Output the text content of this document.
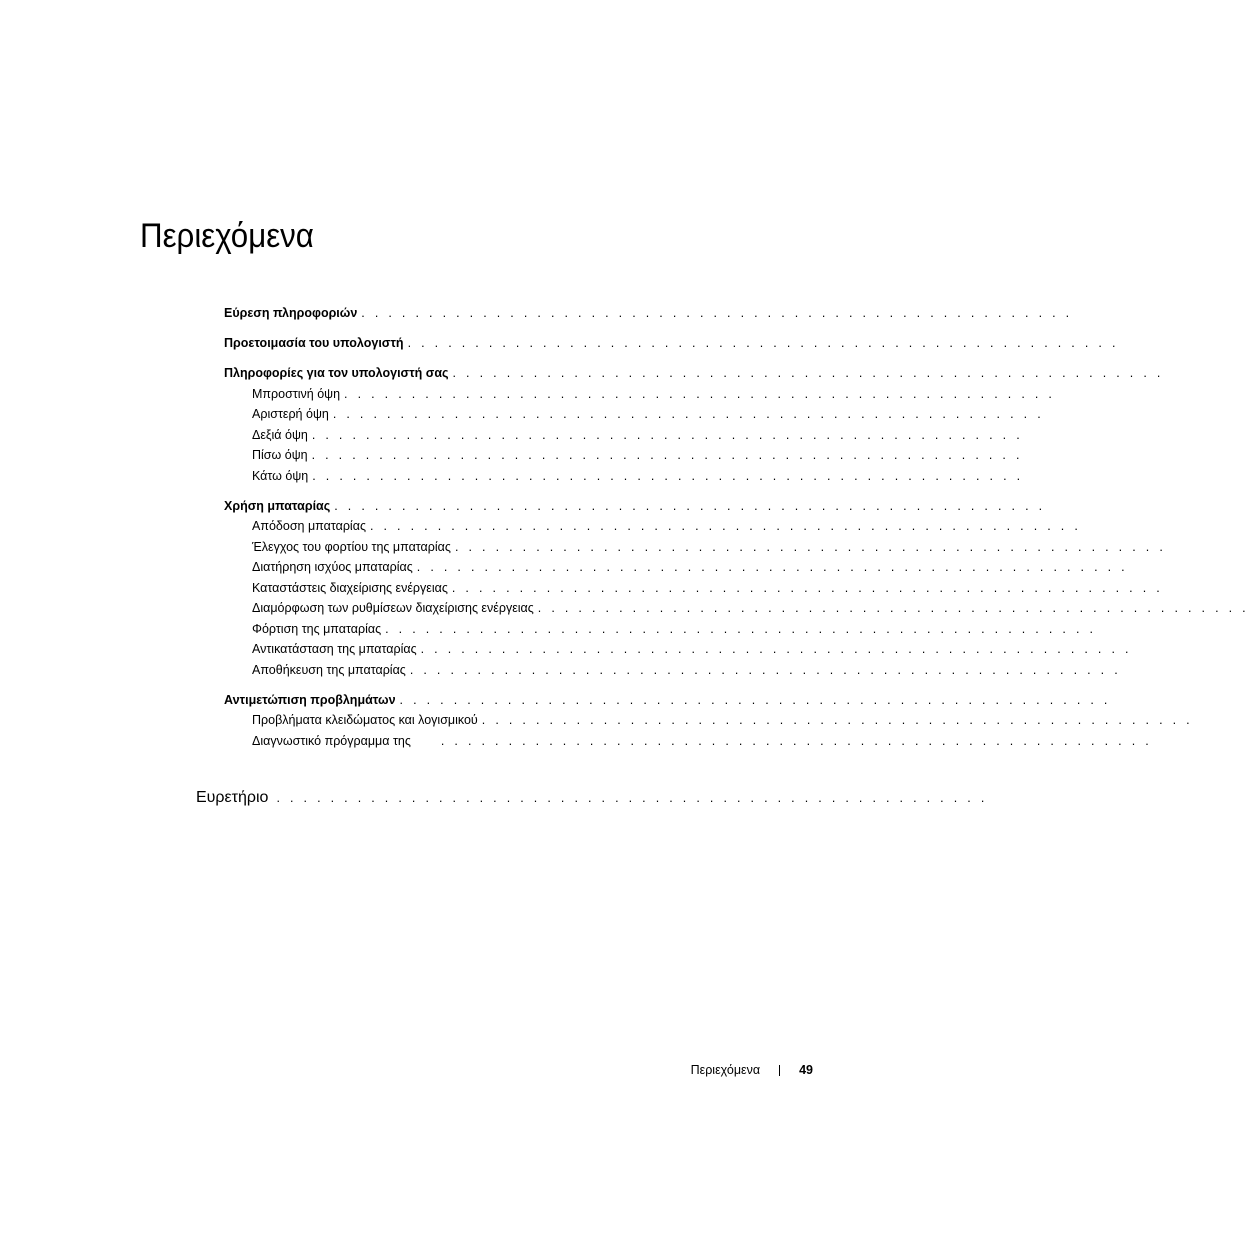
Περιεχόμενα
Εύρεση πληροφοριών . . . . . . . . . . . . . . . . . . . . . . . . . . . . . . . . . . . . . . . . . . . . . . . . . . . . .
Προετοιμασία του υπολογιστή . . . . . . . . . . . . . . . . . . . . . . . . . . . . . . . . . . . . . . . . . . . . . . . . . . . . .
Πληροφορίες για τον υπολογιστή σας . . . . . . . . . . . . . . . . . . . . . . . . . . . . . . . . . . . . . . . . . . . . . . . . . . . . .
Μπροστινή όψη . . . . . . . . . . . . . . . . . . . . . . . . . . . . . . . . . . . . . . . . . . . . . . . . . . . . .
Αριστερή όψη . . . . . . . . . . . . . . . . . . . . . . . . . . . . . . . . . . . . . . . . . . . . . . . . . . . . .
Δεξιά όψη . . . . . . . . . . . . . . . . . . . . . . . . . . . . . . . . . . . . . . . . . . . . . . . . . . . . .
Πίσω όψη . . . . . . . . . . . . . . . . . . . . . . . . . . . . . . . . . . . . . . . . . . . . . . . . . . . . .
Κάτω όψη . . . . . . . . . . . . . . . . . . . . . . . . . . . . . . . . . . . . . . . . . . . . . . . . . . . . .
Χρήση μπαταρίας . . . . . . . . . . . . . . . . . . . . . . . . . . . . . . . . . . . . . . . . . . . . . . . . . . . . .
Απόδοση μπαταρίας . . . . . . . . . . . . . . . . . . . . . . . . . . . . . . . . . . . . . . . . . . . . . . . . . . . . .
Έλεγχος του φορτίου της μπαταρίας . . . . . . . . . . . . . . . . . . . . . . . . . . . . . . . . . . . . . . . . . . . . . . . . . . . . .
Διατήρηση ισχύος μπαταρίας . . . . . . . . . . . . . . . . . . . . . . . . . . . . . . . . . . . . . . . . . . . . . . . . . . . . .
Καταστάστεις διαχείρισης ενέργειας . . . . . . . . . . . . . . . . . . . . . . . . . . . . . . . . . . . . . . . . . . . . . . . . . . . . .
Διαμόρφωση των ρυθμίσεων διαχείρισης ενέργειας . . . . . . . . . . . . . . . . . . . . . . . . . . . . . . . . . . . . . . . . . . . . . . . . . . . . .
Φόρτιση της μπαταρίας . . . . . . . . . . . . . . . . . . . . . . . . . . . . . . . . . . . . . . . . . . . . . . . . . . . . .
Αντικατάσταση της μπαταρίας . . . . . . . . . . . . . . . . . . . . . . . . . . . . . . . . . . . . . . . . . . . . . . . . . . . . .
Αποθήκευση της μπαταρίας . . . . . . . . . . . . . . . . . . . . . . . . . . . . . . . . . . . . . . . . . . . . . . . . . . . . .
Αντιμετώπιση προβλημάτων . . . . . . . . . . . . . . . . . . . . . . . . . . . . . . . . . . . . . . . . . . . . . . . . . . . . .
Προβλήματα κλειδώματος και λογισμικού . . . . . . . . . . . . . . . . . . . . . . . . . . . . . . . . . . . . . . . . . . . . . . . . . . . . .
Διαγνωστικό πρόγραμμα της	. . . . . . . . . . . . . . . . . . . . . . . . . . . . . . . . . . . . . . . . . . . . . . . . . . . . .
Ευρετήριο . . . . . . . . . . . . . . . . . . . . . . . . . . . . . . . . . . . . . . . . . . . . . . . . . . . . .
Περιεχόμενα	49
